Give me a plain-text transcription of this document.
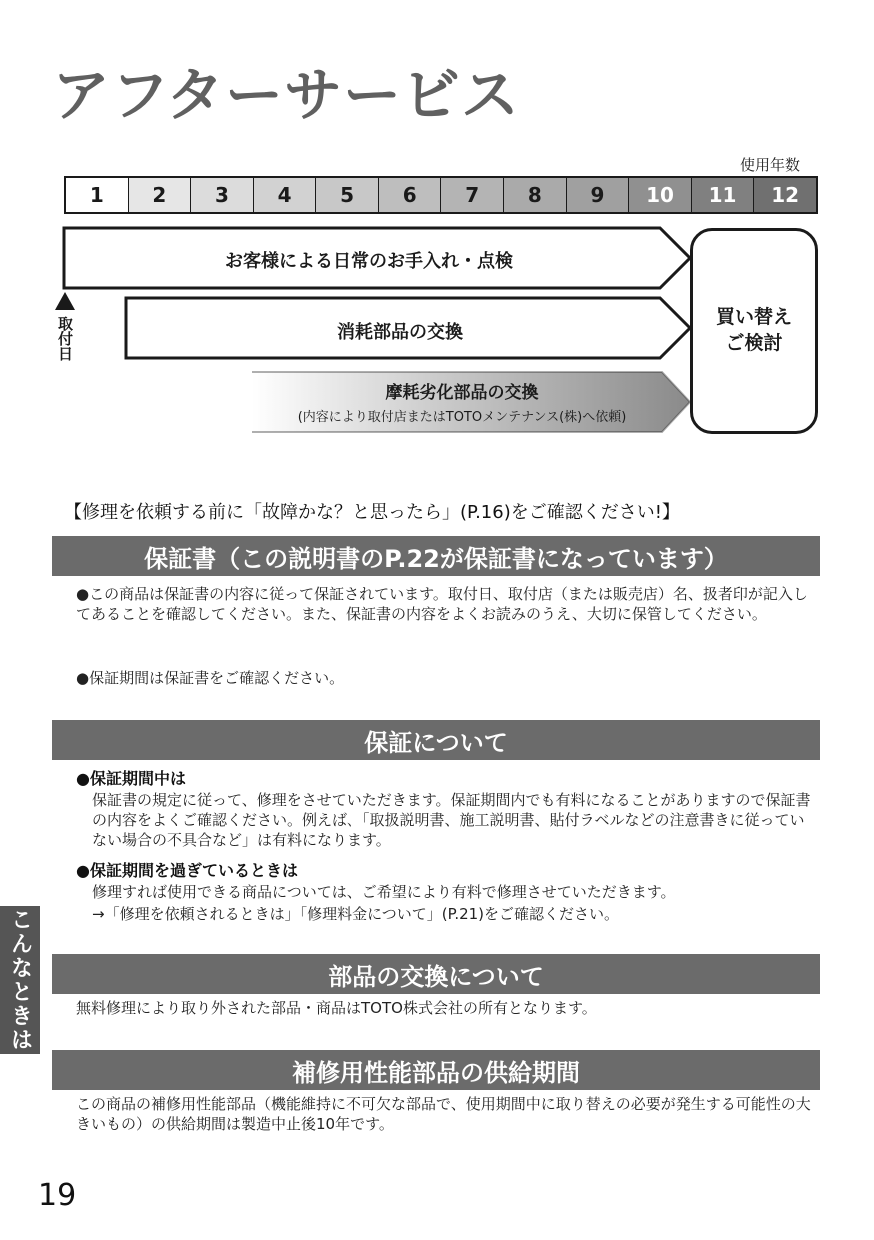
アフターサービス
使用年数
1	2	3	4	5	6	7	8	9	10	11	12
お客様による日常のお手入れ・点検
消耗部品の交換
摩耗劣化部品の交換
(内容により取付店またはTOTOメンテナンス(株)へ依頼)
買い替え
ご検討
取付日
【修理を依頼する前に「故障かな？と思ったら」(P.16)をご確認ください!】
保証書（この説明書のP.22が保証書になっています）
●この商品は保証書の内容に従って保証されています。取付日、取付店（または販売店）名、扱者印が記入してあることを確認してください。また、保証書の内容をよくお読みのうえ、大切に保管してください。
●保証期間は保証書をご確認ください。
保証について
●保証期間中は
保証書の規定に従って、修理をさせていただきます。保証期間内でも有料になることがありますので保証書の内容をよくご確認ください。例えば､「取扱説明書、施工説明書、貼付ラベルなどの注意書きに従っていない場合の不具合など」は有料になります。
●保証期間を過ぎているときは
修理すれば使用できる商品については、ご希望により有料で修理させていただきます。
→「修理を依頼されるときは」「修理料金について」(P.21)をご確認ください。
こんなときは	部品の交換について
無料修理により取り外された部品・商品はTOTO株式会社の所有となります。
補修用性能部品の供給期間
この商品の補修用性能部品（機能維持に不可欠な部品で、使用期間中に取り替えの必要が発生する可能性の大きいもの）の供給期間は製造中止後10年です。
19
